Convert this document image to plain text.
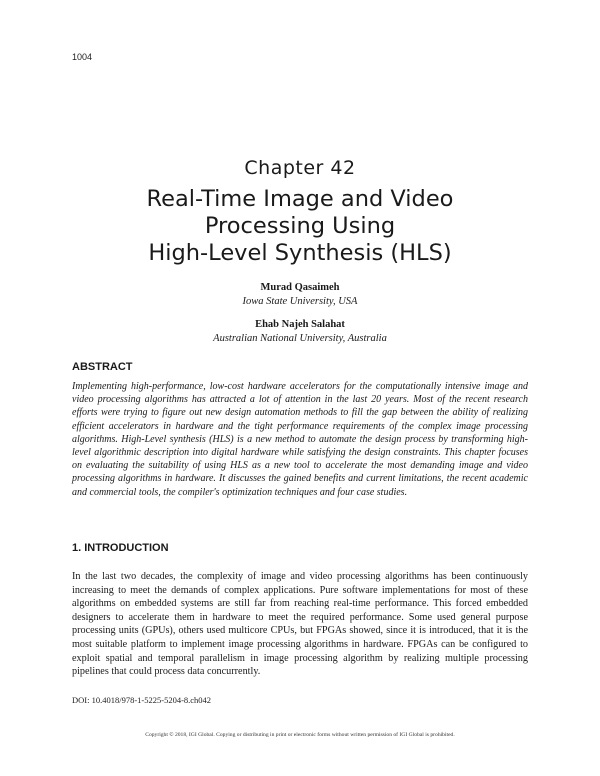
1004
Chapter 42
Real-Time Image and Video
Processing Using
High-Level Synthesis (HLS)
Murad Qasaimeh
Iowa State University, USA
Ehab Najeh Salahat
Australian National University, Australia
ABSTRACT
Implementing high-performance, low-cost hardware accelerators for the computationally intensive image and video processing algorithms has attracted a lot of attention in the last 20 years. Most of the recent research efforts were trying to figure out new design automation methods to fill the gap between the ability of realizing efficient accelerators in hardware and the tight performance requirements of the complex image processing algorithms. High-Level synthesis (HLS) is a new method to automate the design process by transforming high-level algorithmic description into digital hardware while satisfying the design constraints. This chapter focuses on evaluating the suitability of using HLS as a new tool to accelerate the most demanding image and video processing algorithms in hardware. It discusses the gained benefits and current limitations, the recent academic and commercial tools, the compiler's optimization techniques and four case studies.
1. INTRODUCTION
In the last two decades, the complexity of image and video processing algorithms has been continuously increasing to meet the demands of complex applications. Pure software implementations for most of these algorithms on embedded systems are still far from reaching real-time performance. This forced embedded designers to accelerate them in hardware to meet the required performance. Some used general purpose processing units (GPUs), others used multicore CPUs, but FPGAs showed, since it is introduced, that it is the most suitable platform to implement image processing algorithms in hardware. FPGAs can be configured to exploit spatial and temporal parallelism in image processing algorithm by realizing multiple processing pipelines that could process data concurrently.
DOI: 10.4018/978-1-5225-5204-8.ch042
Copyright © 2018, IGI Global. Copying or distributing in print or electronic forms without written permission of IGI Global is prohibited.
